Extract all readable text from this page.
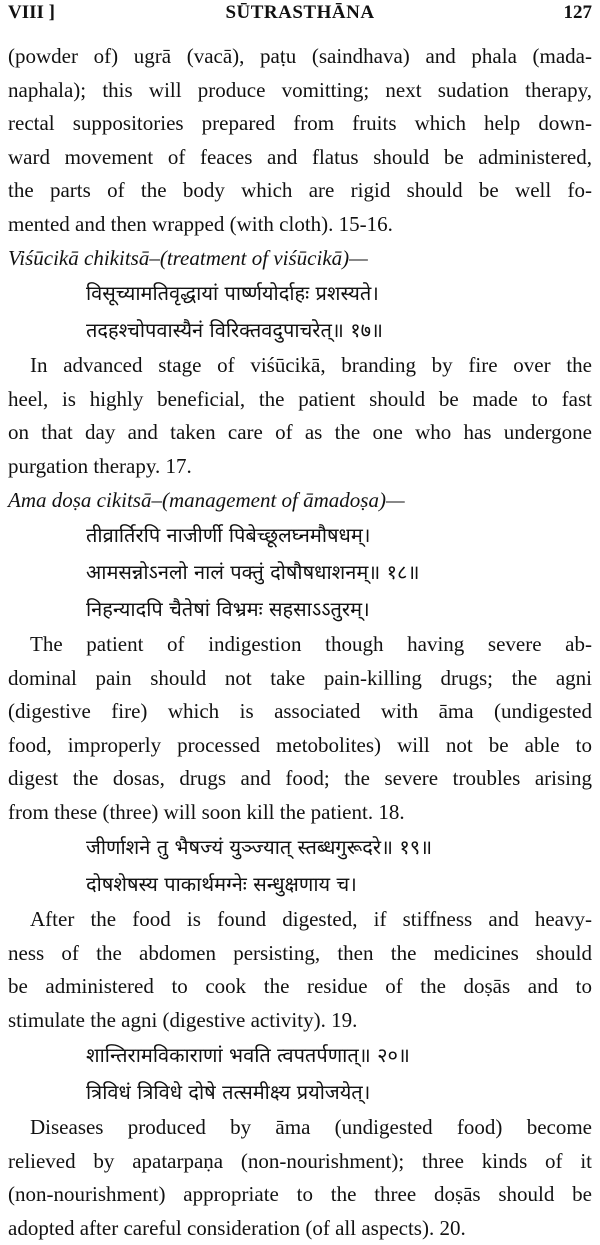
VIII ]	SŪTRASTHĀNA	127
(powder of) ugrā (vacā), paṭu (saindhava) and phala (mada-
naphala); this will produce vomitting; next sudation therapy,
rectal suppositories prepared from fruits which help down-
ward movement of feaces and flatus should be administered,
the parts of the body which are rigid should be well fo-
mented and then wrapped (with cloth). 15-16.
Viśūcikā chikitsā–(treatment of viśūcikā)—
विसूच्यामतिवृद्धायां पार्ष्णयोर्दाहः प्रशस्यते।
तदहश्चोपवास्यैनं विरिक्तवदुपाचरेत्॥ १७॥
In advanced stage of viśūcikā, branding by fire over the
heel, is highly beneficial, the patient should be made to fast
on that day and taken care of as the one who has undergone
purgation therapy. 17.
Ama doṣa cikitsā–(management of āmadoṣa)—
तीव्रार्तिरपि नाजीर्णी पिबेच्छूलघ्नमौषधम्।
आमसन्नोऽनलो नालं पक्तुं दोषौषधाशनम्॥ १८॥
निहन्यादपि चैतेषां विभ्रमः सहसाऽऽतुरम्।
The patient of indigestion though having severe ab-
dominal pain should not take pain-killing drugs; the agni
(digestive fire) which is associated with āma (undigested
food, improperly processed metobolites) will not be able to
digest the dosas, drugs and food; the severe troubles arising
from these (three) will soon kill the patient. 18.
जीर्णाशने तु भैषज्यं युञ्ज्यात् स्तब्धगुरूदरे॥ १९॥
दोषशेषस्य पाकार्थमग्नेः सन्धुक्षणाय च।
After the food is found digested, if stiffness and heavy-
ness of the abdomen persisting, then the medicines should
be administered to cook the residue of the doṣās and to
stimulate the agni (digestive activity). 19.
शान्तिरामविकाराणां भवति त्वपतर्पणात्॥ २०॥
त्रिविधं त्रिविधे दोषे तत्समीक्ष्य प्रयोजयेत्।
Diseases produced by āma (undigested food) become
relieved by apatarpaṇa (non-nourishment); three kinds of it
(non-nourishment) appropriate to the three doṣās should be
adopted after careful consideration (of all aspects). 20.
